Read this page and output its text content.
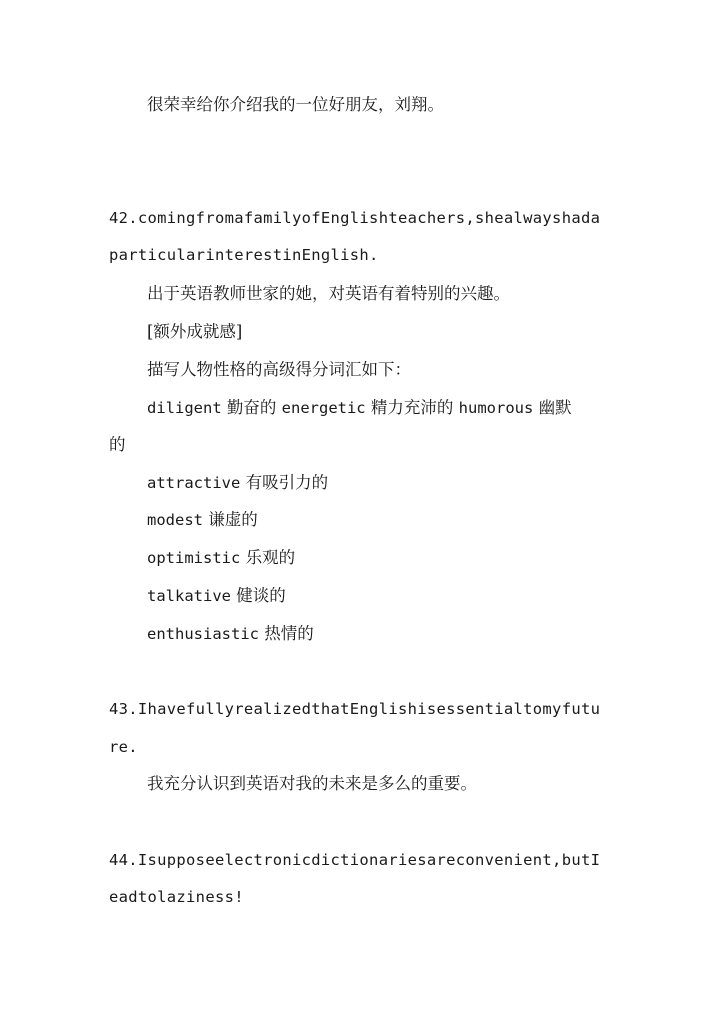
很荣幸给你介绍我的一位好朋友，刘翔。
42.comingfromafamilyofEnglishteachers,shealwayshada
particularinterestinEnglish.
出于英语教师世家的她，对英语有着特别的兴趣。
[额外成就感]
描写人物性格的高级得分词汇如下：
diligent 勤奋的 energetic 精力充沛的 humorous 幽默
的
attractive 有吸引力的
modest 谦虚的
optimistic 乐观的
talkative 健谈的
enthusiastic 热情的
43.IhavefullyrealizedthatEnglishisessentialtomyfutu
re.
我充分认识到英语对我的未来是多么的重要。
44.Isupposeelectronicdictionariesareconvenient,butI
eadtolaziness!
